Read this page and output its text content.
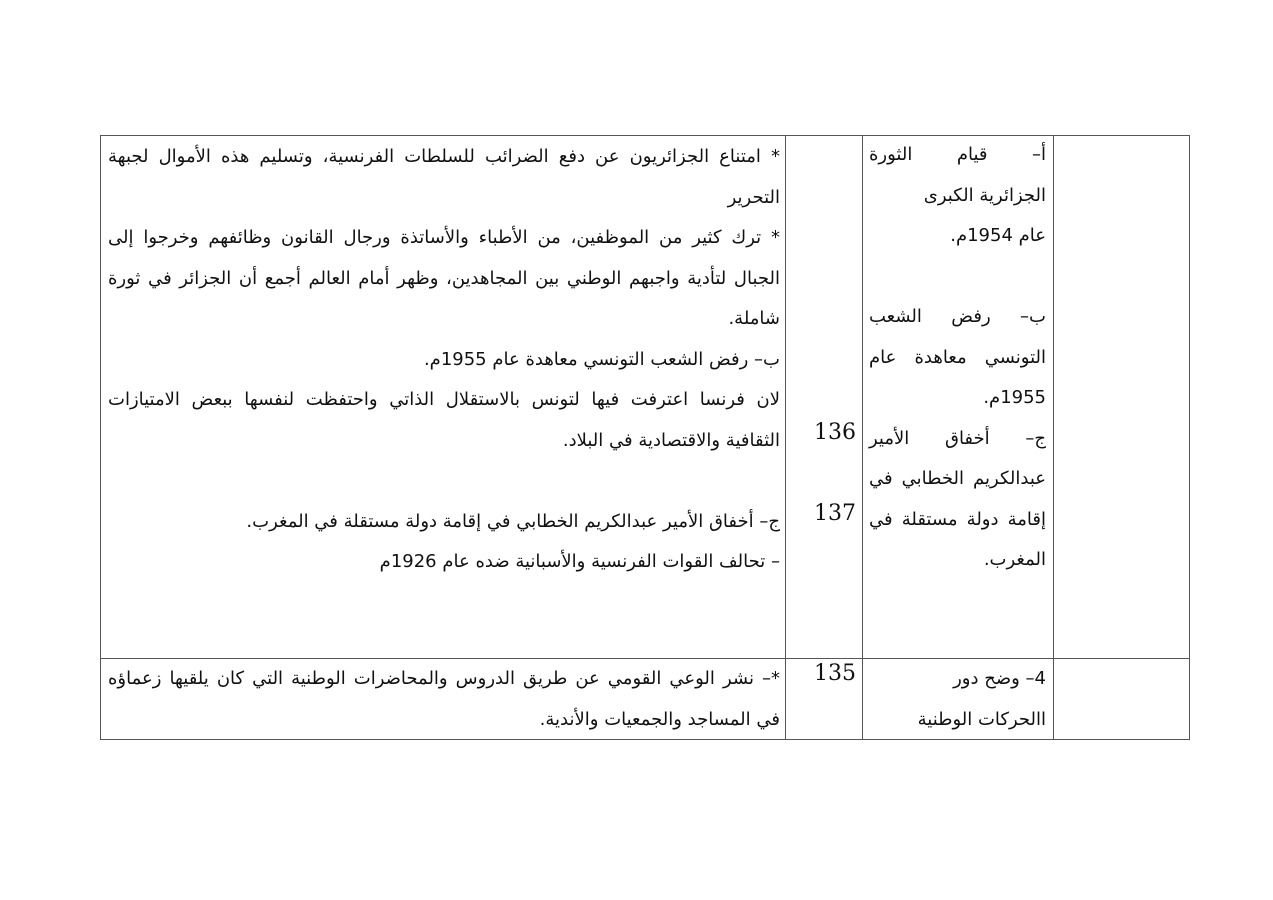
أ– قيام الثورة
الجزائرية الكبرى
عام 1954م.
ب– رفض الشعب
التونسي معاهدة عام
1955م.
ج– أخفاق الأمير
عبدالكريم الخطابي في
إقامة دولة مستقلة في
المغرب.
136
137
* امتناع الجزائريون عن دفع الضرائب للسلطات الفرنسية، وتسليم هذه الأموال لجبهة
التحرير
* ترك كثير من الموظفين، من الأطباء والأساتذة ورجال القانون وظائفهم وخرجوا إلى
الجبال لتأدية واجبهم الوطني بين المجاهدين، وظهر أمام العالم أجمع أن الجزائر في ثورة
شاملة.
ب– رفض الشعب التونسي معاهدة عام 1955م.
لان فرنسا اعترفت فيها لتونس بالاستقلال الذاتي واحتفظت لنفسها ببعض الامتيازات
الثقافية والاقتصادية في البلاد.
ج– أخفاق الأمير عبدالكريم الخطابي في إقامة دولة مستقلة في المغرب.
– تحالف القوات الفرنسية والأسبانية ضده عام 1926م
4– وضح دور
االحركات الوطنية
135
*– نشر الوعي القومي عن طريق الدروس والمحاضرات الوطنية التي كان يلقيها زعماؤه
في المساجد والجمعيات والأندية.
